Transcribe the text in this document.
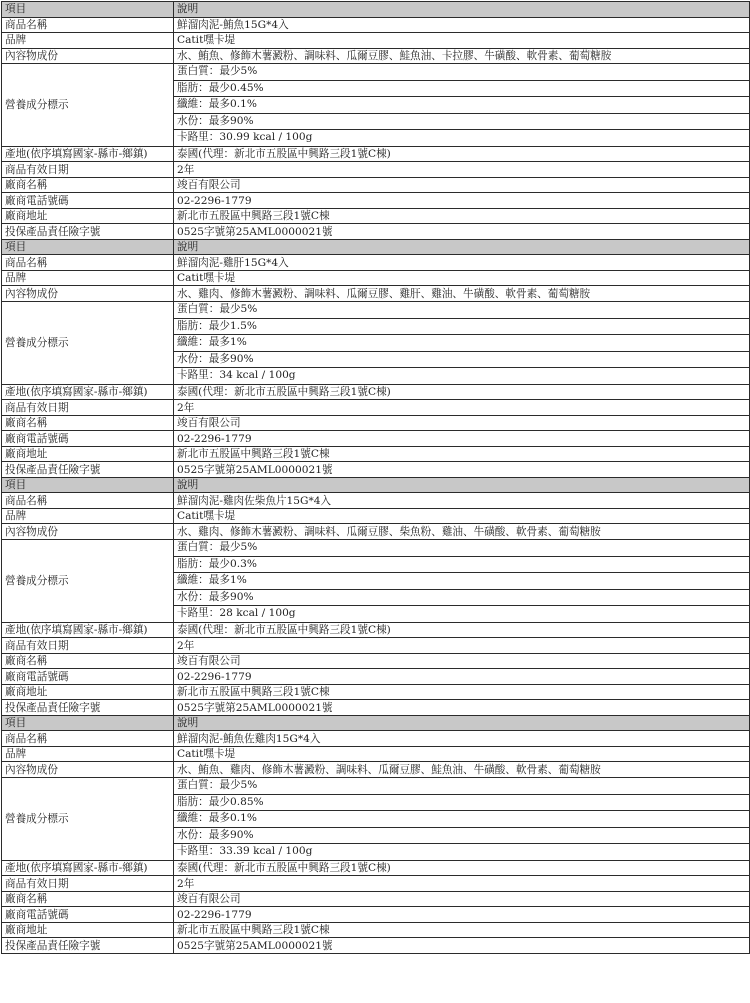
項目	說明
商品名稱	鮮溜肉泥-鮪魚15G*4入
品牌	Catit嘿卡堤
內容物成份	水、鮪魚、修飾木薯澱粉、調味料、瓜爾豆膠、鮭魚油、卡拉膠、牛磺酸、軟骨素、葡萄糖胺
營養成分標示	蛋白質：最少5%
脂肪：最少0.45%
纖維：最多0.1%
水份：最多90%
卡路里：30.99 kcal / 100g

產地(依序填寫國家-縣市-鄉鎮)	泰國(代理：新北市五股區中興路三段1號C棟)
商品有效日期	2年
廠商名稱	竣百有限公司
廠商電話號碼	02-2296-1779
廠商地址	新北市五股區中興路三段1號C棟
投保產品責任險字號	0525字號第25AML0000021號
項目	說明
商品名稱	鮮溜肉泥-雞肝15G*4入
品牌	Catit嘿卡堤
內容物成份	水、雞肉、修飾木薯澱粉、調味料、瓜爾豆膠、雞肝、雞油、牛磺酸、軟骨素、葡萄糖胺
營養成分標示	蛋白質：最少5%
脂肪：最少1.5%
纖維：最多1%
水份：最多90%
卡路里：34 kcal / 100g

產地(依序填寫國家-縣市-鄉鎮)	泰國(代理：新北市五股區中興路三段1號C棟)
商品有效日期	2年
廠商名稱	竣百有限公司
廠商電話號碼	02-2296-1779
廠商地址	新北市五股區中興路三段1號C棟
投保產品責任險字號	0525字號第25AML0000021號
項目	說明
商品名稱	鮮溜肉泥-雞肉佐柴魚片15G*4入
品牌	Catit嘿卡堤
內容物成份	水、雞肉、修飾木薯澱粉、調味料、瓜爾豆膠、柴魚粉、雞油、牛磺酸、軟骨素、葡萄糖胺
營養成分標示	蛋白質：最少5%
脂肪：最少0.3%
纖維：最多1%
水份：最多90%
卡路里：28 kcal / 100g

產地(依序填寫國家-縣市-鄉鎮)	泰國(代理：新北市五股區中興路三段1號C棟)
商品有效日期	2年
廠商名稱	竣百有限公司
廠商電話號碼	02-2296-1779
廠商地址	新北市五股區中興路三段1號C棟
投保產品責任險字號	0525字號第25AML0000021號
項目	說明
商品名稱	鮮溜肉泥-鮪魚佐雞肉15G*4入
品牌	Catit嘿卡堤
內容物成份	水、鮪魚、雞肉、修飾木薯澱粉、調味料、瓜爾豆膠、鮭魚油、牛磺酸、軟骨素、葡萄糖胺
營養成分標示	蛋白質：最少5%
脂肪：最少0.85%
纖維：最多0.1%
水份：最多90%
卡路里：33.39 kcal / 100g

產地(依序填寫國家-縣市-鄉鎮)	泰國(代理：新北市五股區中興路三段1號C棟)
商品有效日期	2年
廠商名稱	竣百有限公司
廠商電話號碼	02-2296-1779
廠商地址	新北市五股區中興路三段1號C棟
投保產品責任險字號	0525字號第25AML0000021號
